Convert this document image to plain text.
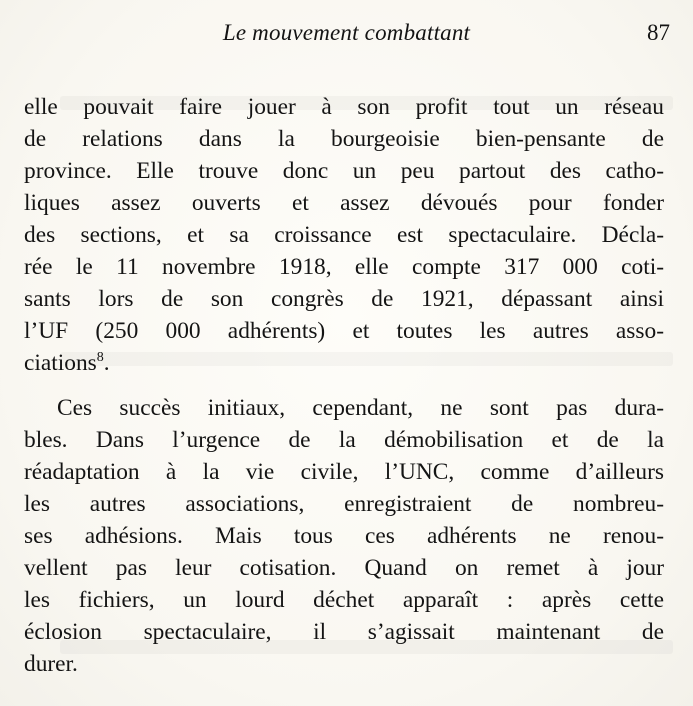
Le mouvement combattant	87
elle pouvait faire jouer à son profit tout un réseau
de relations dans la bourgeoisie bien-pensante de
province. Elle trouve donc un peu partout des catho-
liques assez ouverts et assez dévoués pour fonder
des sections, et sa croissance est spectaculaire. Décla-
rée le 11 novembre 1918, elle compte 317 000 coti-
sants lors de son congrès de 1921, dépassant ainsi
l’UF (250 000 adhérents) et toutes les autres asso-
ciations$^8$.
Ces succès initiaux, cependant, ne sont pas dura-
bles. Dans l’urgence de la démobilisation et de la
réadaptation à la vie civile, l’UNC, comme d’ailleurs
les autres associations, enregistraient de nombreu-
ses adhésions. Mais tous ces adhérents ne renou-
vellent pas leur cotisation. Quand on remet à jour
les fichiers, un lourd déchet apparaît : après cette
éclosion spectaculaire, il s’agissait maintenant de
durer.
